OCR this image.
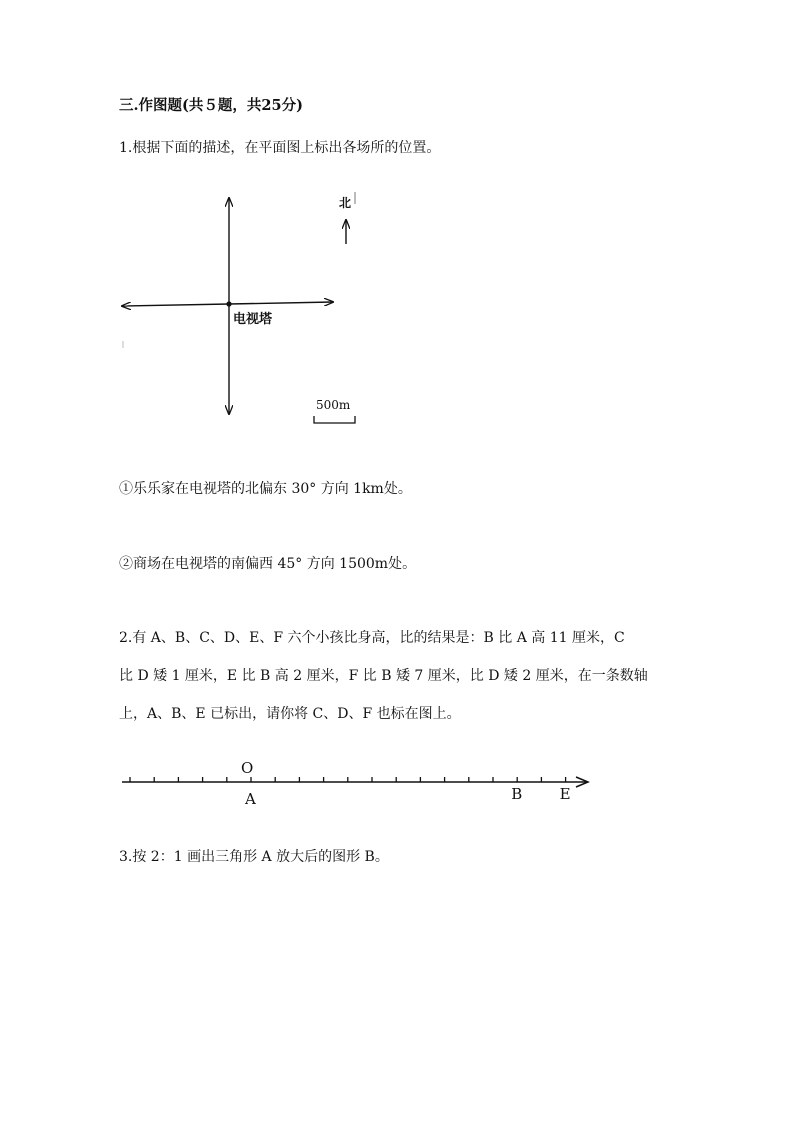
三.作图题(共５题，共25分)
1.根据下面的描述，在平面图上标出各场所的位置。
电视塔
北
500m
①乐乐家在电视塔的北偏东 30° 方向 1km处。
②商场在电视塔的南偏西 45° 方向 1500m处。
2.有 A、B、C、D、E、F 六个小孩比身高，比的结果是：B 比 A 高 11 厘米，C
比 D 矮 1 厘米，E 比 B 高 2 厘米，F 比 B 矮 7 厘米，比 D 矮 2 厘米，在一条数轴
上，A、B、E 已标出，请你将 C、D、F 也标在图上。
O
A	B E
3.按 2：1 画出三角形 A 放大后的图形 B。
